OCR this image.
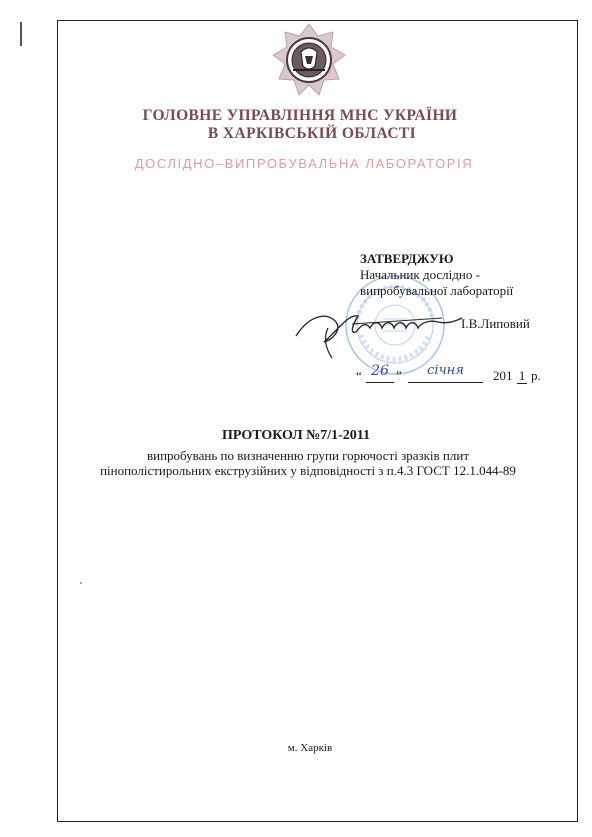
ГОЛОВНЕ УПРАВЛІННЯ МНС УКРАЇНИ
В ХАРКІВСЬКІЙ ОБЛАСТІ
ДОСЛІДНО–ВИПРОБУВАЛЬНА ЛАБОРАТОРІЯ
ЗАТВЕРДЖУЮ
Начальник дослідно -
випробувальної лабораторії
І.В.Липовий
“ 26 ”	січня	201 1 р.
ПРОТОКОЛ №7/1-2011
випробувань по визначенню групи горючості зразків плит
пінополістирольних екструзійних у відповідності з п.4.3 ГОСТ 12.1.044-89
м. Харків
